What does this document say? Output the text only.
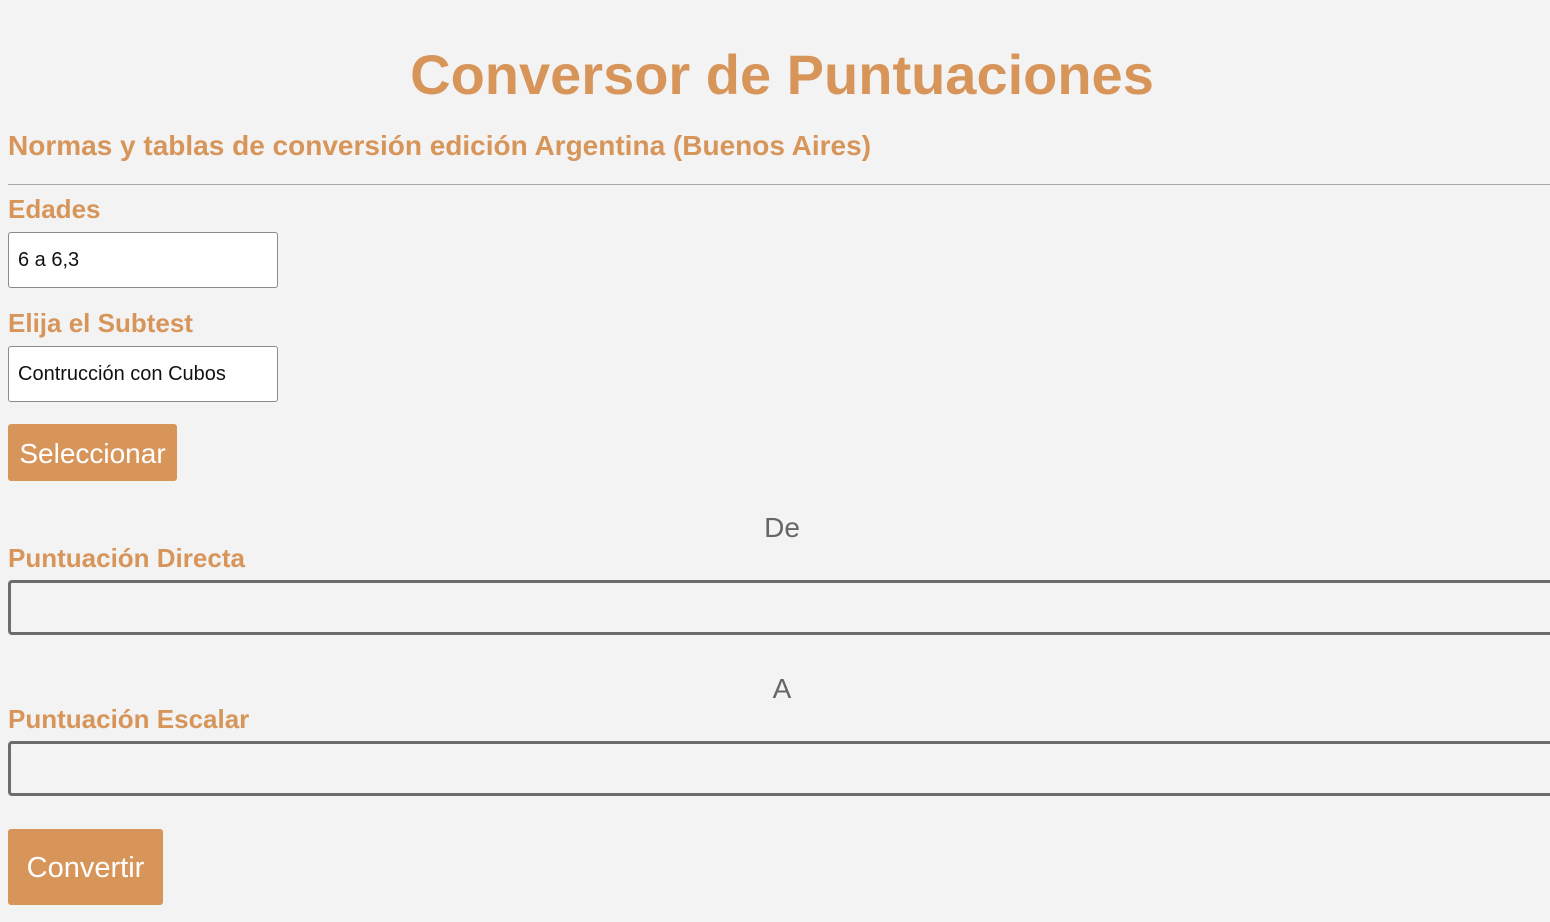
Conversor de Puntuaciones
Normas y tablas de conversión edición Argentina (Buenos Aires)
Edades
6 a 6,3
Elija el Subtest
Contrucción con Cubos
Seleccionar

De

Puntuación Directa

A

Puntuación Escalar
Convertir
